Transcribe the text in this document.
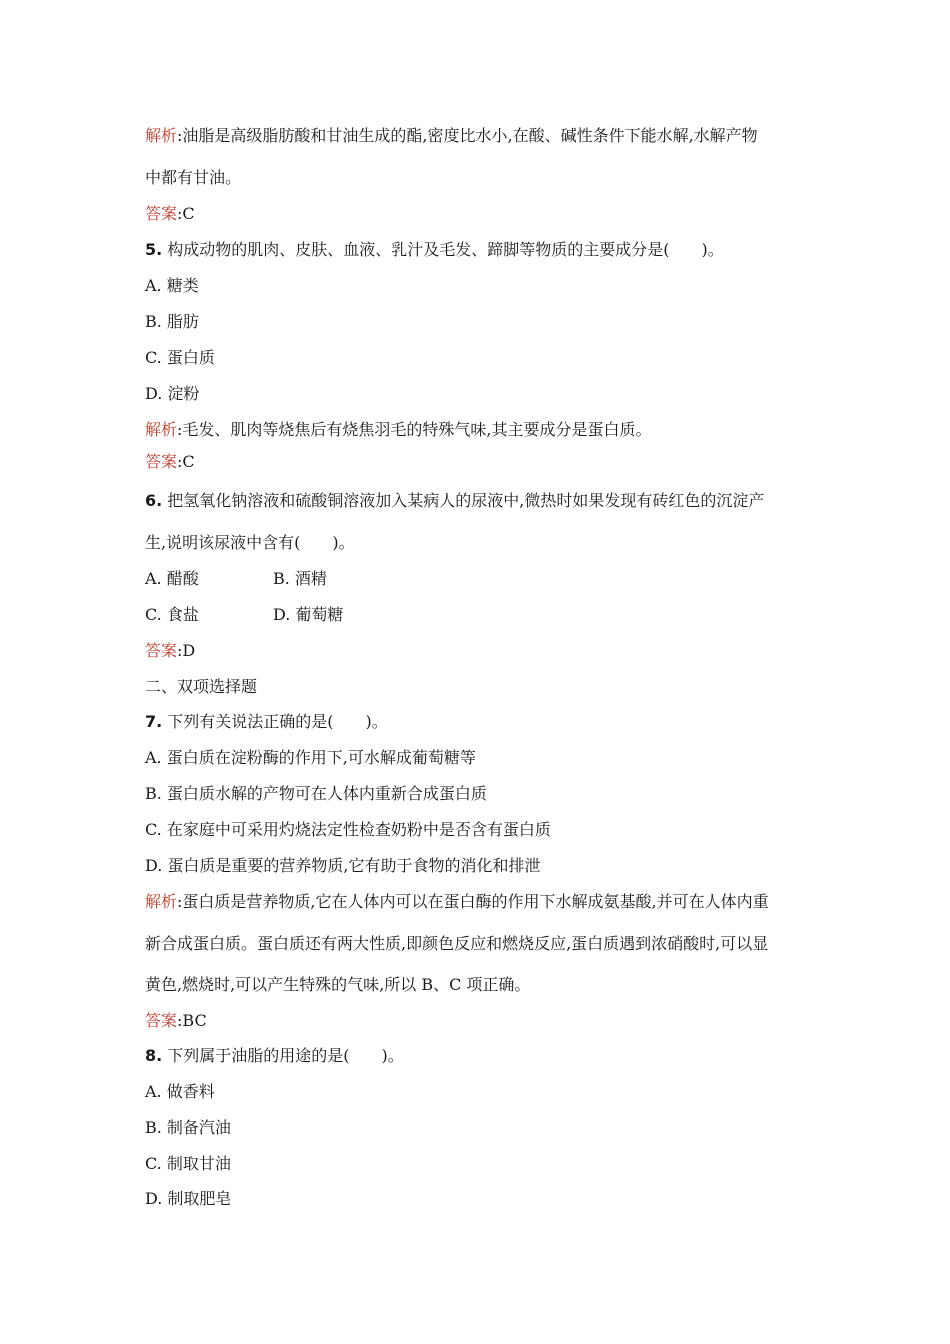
解析:油脂是高级脂肪酸和甘油生成的酯,密度比水小,在酸、碱性条件下能水解,水解产物
中都有甘油。
答案:C
5. 构成动物的肌肉、皮肤、血液、乳汁及毛发、蹄脚等物质的主要成分是(　　)。
A. 糖类
B. 脂肪
C. 蛋白质
D. 淀粉
解析:毛发、肌肉等烧焦后有烧焦羽毛的特殊气味,其主要成分是蛋白质。
答案:C
6. 把氢氧化钠溶液和硫酸铜溶液加入某病人的尿液中,微热时如果发现有砖红色的沉淀产
生,说明该尿液中含有(　　)。
A. 醋酸	B. 酒精
C. 食盐	D. 葡萄糖
答案:D
二、双项选择题
7. 下列有关说法正确的是(　　)。
A. 蛋白质在淀粉酶的作用下,可水解成葡萄糖等
B. 蛋白质水解的产物可在人体内重新合成蛋白质
C. 在家庭中可采用灼烧法定性检查奶粉中是否含有蛋白质
D. 蛋白质是重要的营养物质,它有助于食物的消化和排泄
解析:蛋白质是营养物质,它在人体内可以在蛋白酶的作用下水解成氨基酸,并可在人体内重
新合成蛋白质。蛋白质还有两大性质,即颜色反应和燃烧反应,蛋白质遇到浓硝酸时,可以显
黄色,燃烧时,可以产生特殊的气味,所以 B、C 项正确。
答案:BC
8. 下列属于油脂的用途的是(　　)。
A. 做香料
B. 制备汽油
C. 制取甘油
D. 制取肥皂
